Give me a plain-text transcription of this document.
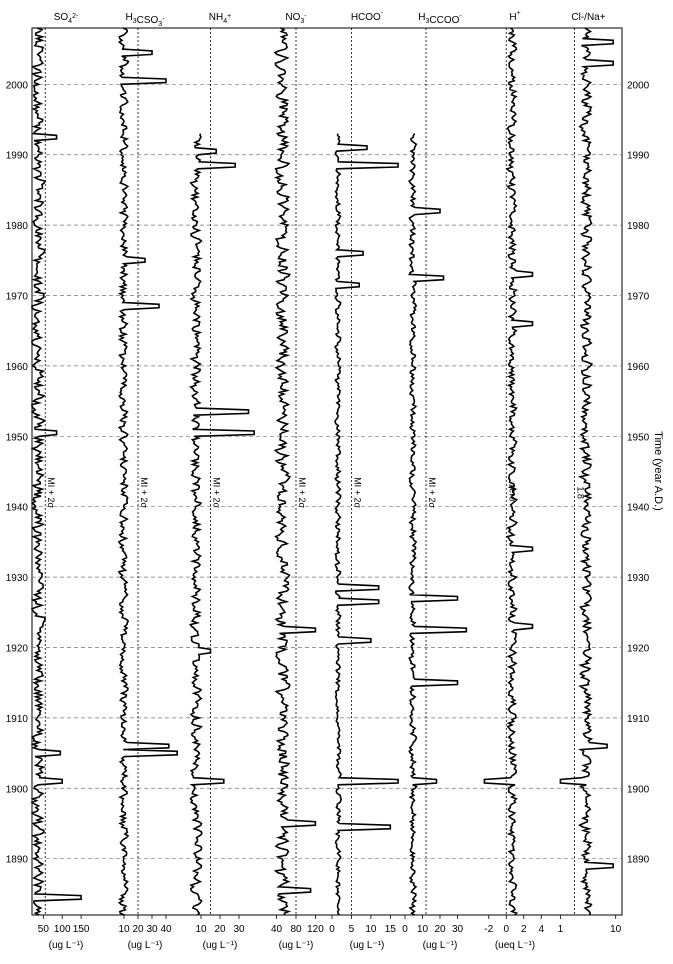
$SO_4^{2-}$
MI + 2σ
50 100 150
(ug L⁻¹)
$H_3CSO_3^-$
MI + 2σ
10 20 30 40
(ug L⁻¹)
$NH_4^+$
MI + 2σ
10 20 30
(ug L⁻¹)
$NO_3^-$
MI + 2σ
40 80 120
(ug L⁻¹)
HCOO-
MI + 2σ
0 5 10 15
(ug L⁻¹)
$H_3CCOO^-$
MI + 2σ
0 10 20 30
(ug L⁻¹)
H+
zero
-2 0 2 4
(ueq L⁻¹)
Cl-/Na+
1.8
1	10
1890	1890
1900	1900
1910	1910
1920	1920
1930	1930
1940	1940
1950	1950
1960	1960
1970	1970
1980	1980
1990	1990
2000	2000
Time (year A.D.)
